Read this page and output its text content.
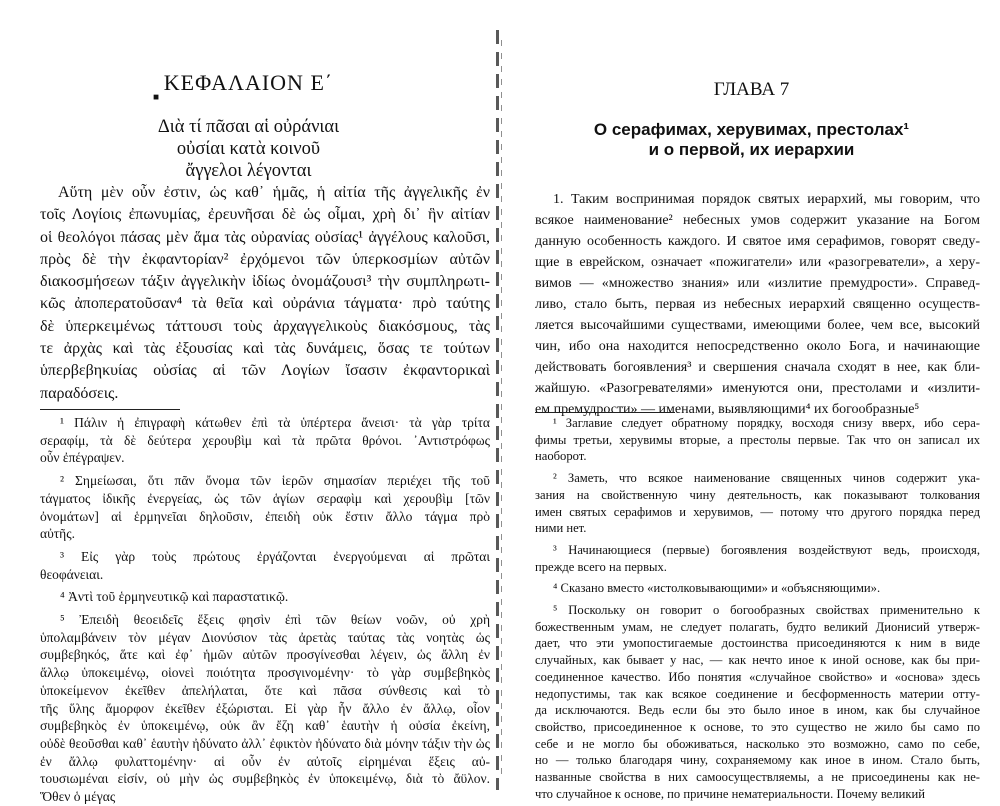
ΚΕΦΑΛΑΙΟΝ Ε΄
■
Διὰ τί πᾶσαι αἱ οὐράνιαι
οὐσίαι κατὰ κοινοῦ
ἄγγελοι λέγονται
Αὕτη μὲν οὖν ἐστιν, ὡς καθ᾽ ἡμᾶς, ἡ αἰτία τῆς ἀγγελικῆς ἐν
τοῖς Λογίοις ἐπωνυμίας, ἐρευνῆσαι δὲ ὡς οἶμαι, χρὴ δι᾽ ἣν αἰτίαν
οἱ θεολόγοι πάσας μὲν ἅμα τὰς οὐρανίας οὐσίας¹ ἀγγέλους καλοῦσι,
πρὸς δὲ τὴν ἐκφαντορίαν² ἐρχόμενοι τῶν ὑπερκοσμίων αὐτῶν
διακοσμήσεων τάξιν ἀγγελικὴν ἰδίως ὀνομάζουσι³ τὴν συμπληρωτι-
κῶς ἀποπερατοῦσαν⁴ τὰ θεῖα καὶ οὐράνια τάγματα· πρὸ ταύτης
δὲ ὑπερκειμένως τάττουσι τοὺς ἀρχαγγελικοὺς διακόσμους, τὰς
τε ἀρχὰς καὶ τὰς ἐξουσίας καὶ τὰς δυνάμεις, ὅσας τε τούτων
ὑπερβεβηκυίας οὐσίας αἱ τῶν Λογίων ἴσασιν ἐκφαντορικαὶ
παραδόσεις.
¹ Πάλιν ἡ ἐπιγραφὴ κάτωθεν ἐπὶ τὰ ὑπέρτερα ἄνεισι· τὰ γὰρ τρίτα
σεραφίμ, τὰ δὲ δεύτερα χερουβὶμ καὶ τὰ πρῶτα θρόνοι. ᾽Αντιστρόφως
οὖν ἐπέγραψεν.
² Σημείωσαι, ὅτι πᾶν ὄνομα τῶν ἱερῶν σημασίαν περιέχει τῆς τοῦ
τάγματος ἰδικῆς ἐνεργείας, ὡς τῶν ἁγίων σεραφὶμ καὶ χερουβὶμ [τῶν
ὀνομάτων] αἱ ἑρμηνεῖαι δηλοῦσιν, ἐπειδὴ οὐκ ἔστιν ἄλλο τάγμα πρὸ
αὐτῆς.
³ Εἰς γὰρ τοὺς πρώτους ἐργάζονται ἐνεργούμεναι αἱ πρῶται
θεοφάνειαι.
⁴ Ἀντὶ τοῦ ἑρμηνευτικῷ καὶ παραστατικῷ.
⁵ Ἐπειδὴ θεοειδεῖς ἕξεις φησὶν ἐπὶ τῶν θείων νοῶν, οὐ χρὴ
ὑπολαμβάνειν τὸν μέγαν Διονύσιον τὰς ἀρετὰς ταύτας τὰς νοητὰς ὡς
συμβεβηκός, ἅτε καὶ ἐφ᾽ ἡμῶν αὐτῶν προσγίνεσθαι λέγειν, ὡς ἄλλη ἐν
ἄλλῳ ὑποκειμένῳ, οἱονεὶ ποιότητα προσγινομένην· τὸ γὰρ συμβεβηκὸς
ὑποκείμενον ἐκεῖθεν ἀπελήλαται, ὅτε καὶ πᾶσα σύνθεσις καὶ τὸ
τῆς ὕλης ἄμορφον ἐκεῖθεν ἐξώρισται. Εἰ γὰρ ἦν ἄλλο ἐν ἄλλῳ, οἷον
συμβεβηκὸς ἐν ὑποκειμένῳ, οὐκ ἂν ἔζη καθ᾽ ἑαυτὴν ἡ οὐσία ἐκείνη,
οὐδὲ θεοῦσθαι καθ᾽ ἑαυτὴν ἠδύνατο ἀλλ᾽ ἐφικτὸν ἠδύνατο διὰ μόνην τάξιν τὴν ὡς
ἐν ἄλλῳ φυλαττομένην· αἱ οὖν ἐν αὐτοῖς εἰρημέναι ἕξεις αὐ-
τουσιωμέναι εἰσίν, οὐ μὴν ὡς συμβεβηκὸς ἐν ὑποκειμένῳ, διὰ τὸ ἄϋλον.
Ὅθεν ὁ μέγας
ГЛАВА 7
О серафимах, херувимах, престолах¹
и о первой, их иерархии
1. Таким воспринимая порядок святых иерархий, мы говорим, что
всякое наименование² небесных умов содержит указание на Богом
данную особенность каждого. И святое имя серафимов, говорят сведу-
щие в еврейском, означает «пожигатели» или «разогреватели», а херу-
вимов — «множество знания» или «излитие премудрости». Справед-
ливо, стало быть, первая из небесных иерархий священно осуществ-
ляется высочайшими существами, имеющими более, чем все, высокий
чин, ибо она находится непосредственно около Бога, и начинающие
действовать богоявления³ и свершения сначала сходят в нее, как бли-
жайшую. «Разогревателями» именуются они, престолами и «излити-
ем премудрости» — именами, выявляющими⁴ их богообразные⁵
¹ Заглавие следует обратному порядку, восходя снизу вверх, ибо сера-
фимы третьи, херувимы вторые, а престолы первые. Так что он записал их
наоборот.
² Заметь, что всякое наименование священных чинов содержит ука-
зания на свойственную чину деятельность, как показывают толкования
имен святых серафимов и херувимов, — потому что другого порядка перед
ними нет.
³ Начинающиеся (первые) богоявления воздействуют ведь, происходя,
прежде всего на первых.
⁴ Сказано вместо «истолковывающими» и «объясняющими».
⁵ Поскольку он говорит о богообразных свойствах применительно к
божественным умам, не следует полагать, будто великий Дионисий утверж-
дает, что эти умопостигаемые достоинства присоединяются к ним в виде
случайных, как бывает у нас, — как нечто иное к иной основе, как бы при-
соединенное качество. Ибо понятия «случайное свойство» и «основа» здесь
недопустимы, так как всякое соединение и бесформенность материи отту-
да исключаются. Ведь если бы это было иное в ином, как бы случайное
свойство, присоединенное к основе, то это существо не жило бы само по
себе и не могло бы обоживаться, насколько это возможно, само по себе,
но — только благодаря чину, сохраняемому как иное в ином. Стало быть,
названные свойства в них самоосуществляемы, а не присоединены как не-
что случайное к основе, по причине нематериальности. Почему великий
